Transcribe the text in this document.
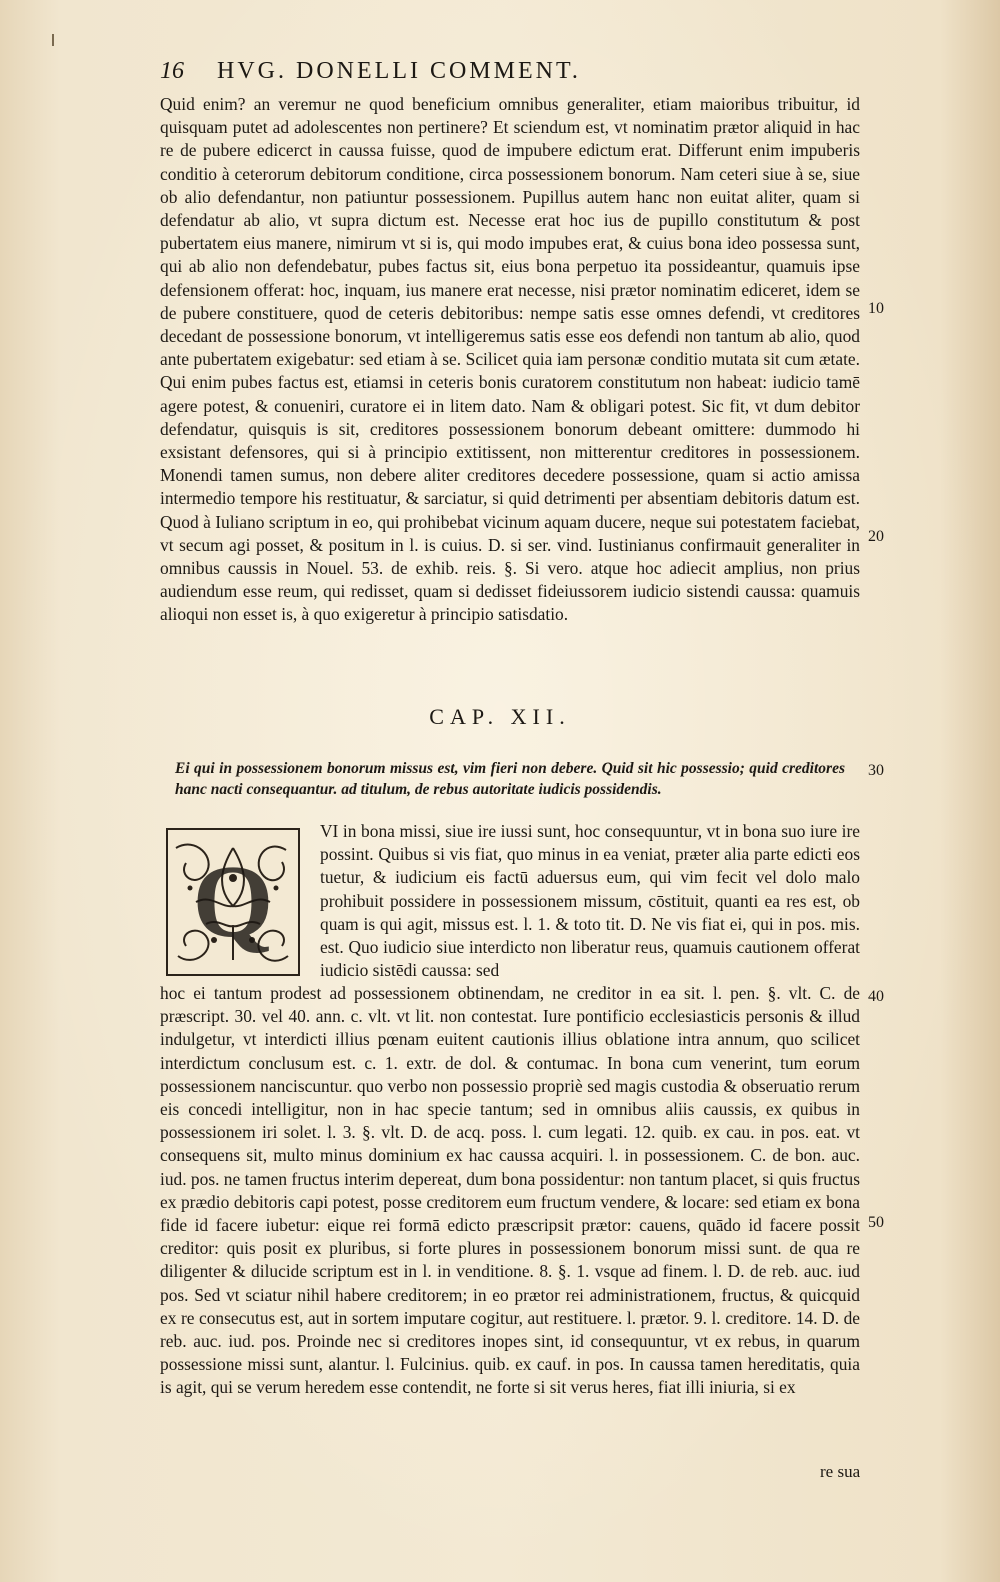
16 HVG. DONELLI COMMENT.

Quid enim? an veremur ne quod beneficium omnibus generaliter, etiam maioribus tribuitur, id quisquam putet ad adolescentes non pertinere? Et sciendum est, vt nominatim prætor aliquid in hac re de pubere edicerct in caussa fuisse, quod de impubere edictum erat. Differunt enim impuberis conditio à ceterorum debitorum conditione, circa possessionem bonorum. Nam ceteri siue à se, siue ob alio defendantur, non patiuntur possessionem. Pupillus autem hanc non euitat aliter, quam si defendatur ab alio, vt supra dictum est. Necesse erat hoc ius de pupillo constitutum & post pubertatem eius manere, nimirum vt si is, qui modo impubes erat, & cuius bona ideo possessa sunt, qui ab alio non defendebatur, pubes factus sit, eius bona perpetuo ita possideantur, quamuis ipse defensionem offerat: hoc, inquam, ius manere erat necesse, nisi prætor nominatim ediceret, idem se de pubere constituere, quod de ceteris debitoribus: nempe satis esse omnes defendi, vt creditores decedant de possessione bonorum, vt intelligeremus satis esse eos defendi non tantum ab alio, quod ante pubertatem exigebatur: sed etiam à se. Scilicet quia iam personæ conditio mutata sit cum ætate. Qui enim pubes factus est, etiamsi in ceteris bonis curatorem constitutum non habeat: iudicio tamē agere potest, & conueniri, curatore ei in litem dato. Nam & obligari potest. Sic fit, vt dum debitor defendatur, quisquis is sit, creditores possessionem bonorum debeant omittere: dummodo hi exsistant defensores, qui si à principio extitissent, non mitterentur creditores in possessionem. Monendi tamen sumus, non debere aliter creditores decedere possessione, quam si actio amissa intermedio tempore his restituatur, & sarciatur, si quid detrimenti per absentiam debitoris datum est. Quod à Iuliano scriptum in eo, qui prohibebat vicinum aquam ducere, neque sui potestatem faciebat, vt secum agi posset, & positum in l. is cuius. D. si ser. vind. Iustinianus confirmauit generaliter in omnibus caussis in Nouel. 53. de exhib. reis. §. Si vero. atque hoc adiecit amplius, non prius audiendum esse reum, qui redisset, quam si dedisset fideiussorem iudicio sistendi caussa: quamuis alioqui non esset is, à quo exigeretur à principio satisdatio.

10
20
30
40
50
CAP. XII.

Ei qui in possessionem bonorum missus est, vim fieri non debere. Quid sit hic possessio; quid creditores hanc nacti consequantur. ad titulum, de rebus autoritate iudicis possidendis.

Q

VI in bona missi, siue ire iussi sunt, hoc consequuntur, vt in bona suo iure ire possint. Quibus si vis fiat, quo minus in ea veniat, præter alia parte edicti eos tuetur, & iudicium eis factū aduersus eum, qui vim fecit vel dolo malo prohibuit possidere in possessionem missum, cōstituit, quanti ea res est, ob quam is qui agit, missus est. l. 1. & toto tit. D. Ne vis fiat ei, qui in pos. mis. est. Quo iudicio siue interdicto non liberatur reus, quamuis cautionem offerat iudicio sistēdi caussa: sed

hoc ei tantum prodest ad possessionem obtinendam, ne creditor in ea sit. l. pen. §. vlt. C. de præscript. 30. vel 40. ann. c. vlt. vt lit. non contestat. Iure pontificio ecclesiasticis personis & illud indulgetur, vt interdicti illius pœnam euitent cautionis illius oblatione intra annum, quo scilicet interdictum conclusum est. c. 1. extr. de dol. & contumac. In bona cum venerint, tum eorum possessionem nanciscuntur. quo verbo non possessio propriè sed magis custodia & obseruatio rerum eis concedi intelligitur, non in hac specie tantum; sed in omnibus aliis caussis, ex quibus in possessionem iri solet. l. 3. §. vlt. D. de acq. poss. l. cum legati. 12. quib. ex cau. in pos. eat. vt consequens sit, multo minus dominium ex hac caussa acquiri. l. in possessionem. C. de bon. auc. iud. pos. ne tamen fructus interim depereat, dum bona possidentur: non tantum placet, si quis fructus ex prædio debitoris capi potest, posse creditorem eum fructum vendere, & locare: sed etiam ex bona fide id facere iubetur: eique rei formā edicto præscripsit prætor: cauens, quādo id facere possit creditor: quis posit ex pluribus, si forte plures in possessionem bonorum missi sunt. de qua re diligenter & dilucide scriptum est in l. in venditione. 8. §. 1. vsque ad finem. l. D. de reb. auc. iud pos. Sed vt sciatur nihil habere creditorem; in eo prætor rei administrationem, fructus, & quicquid ex re consecutus est, aut in sortem imputare cogitur, aut restituere. l. prætor. 9. l. creditore. 14. D. de reb. auc. iud. pos. Proinde nec si creditores inopes sint, id consequuntur, vt ex rebus, in quarum possessione missi sunt, alantur. l. Fulcinius. quib. ex cauf. in pos. In caussa tamen hereditatis, quia is agit, qui se verum heredem esse contendit, ne forte si sit verus heres, fiat illi iniuria, si ex

re sua
